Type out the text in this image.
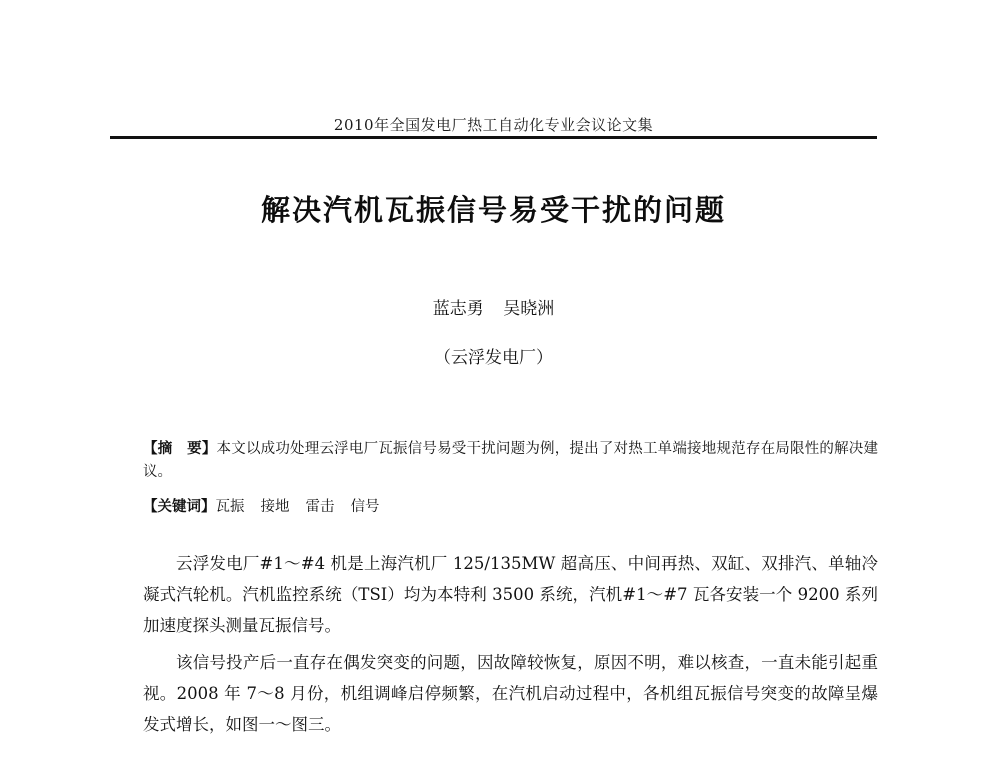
2010年全国发电厂热工自动化专业会议论文集
解决汽机瓦振信号易受干扰的问题
蓝志勇 吴晓洲
（云浮发电厂）
【摘　要】本文以成功处理云浮电厂瓦振信号易受干扰问题为例，提出了对热工单端接地规范存在局限性的解决建议。
【关键词】瓦振 接地 雷击 信号

云浮发电厂#1～#4 机是上海汽机厂 125/135MW 超高压、中间再热、双缸、双排汽、单轴冷凝式汽轮机。汽机监控系统（TSI）均为本特利 3500 系统，汽机#1～#7 瓦各安装一个 9200 系列加速度探头测量瓦振信号。

该信号投产后一直存在偶发突变的问题，因故障较恢复，原因不明，难以核查，一直未能引起重视。2008 年 7～8 月份，机组调峰启停频繁，在汽机启动过程中，各机组瓦振信号突变的故障呈爆发式增长，如图一～图三。
